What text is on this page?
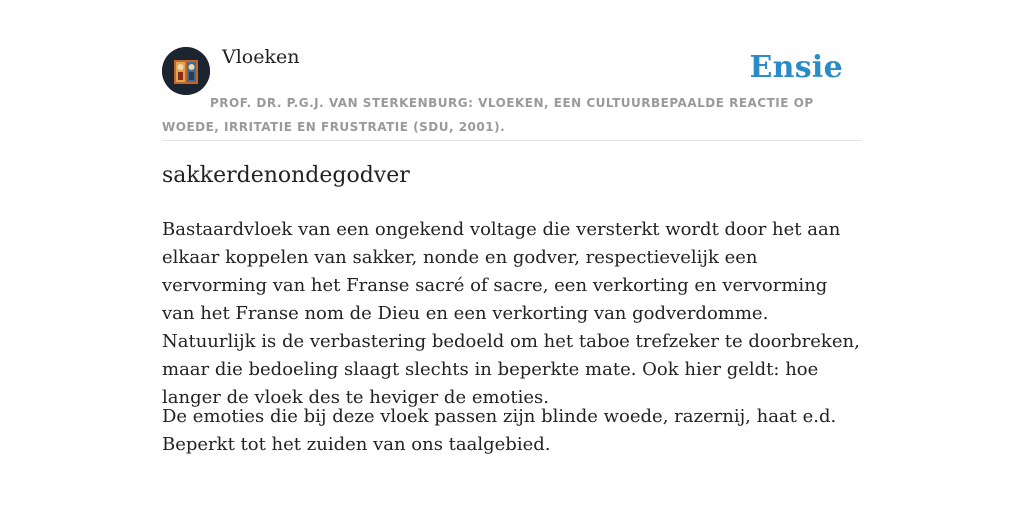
Vloeken	Ensie

PROF. DR. P.G.J. VAN STERKENBURG: VLOEKEN, EEN CULTUURBEPAALDE REACTIE OP WOEDE, IRRITATIE EN FRUSTRATIE (SDU, 2001).

sakkerdenondegodver

Bastaardvloek van een ongekend voltage die versterkt wordt door het aan elkaar koppelen van sakker, nonde en godver, respectievelijk een vervorming van het Franse sacré of sacre, een verkorting en vervorming van het Franse nom de Dieu en een verkorting van godverdomme. Natuurlijk is de verbastering bedoeld om het taboe trefzeker te doorbreken, maar die bedoeling slaagt slechts in beperkte mate. Ook hier geldt: hoe langer de vloek des te heviger de emoties.

De emoties die bij deze vloek passen zijn blinde woede, razernij, haat e.d. Beperkt tot het zuiden van ons taalgebied.
